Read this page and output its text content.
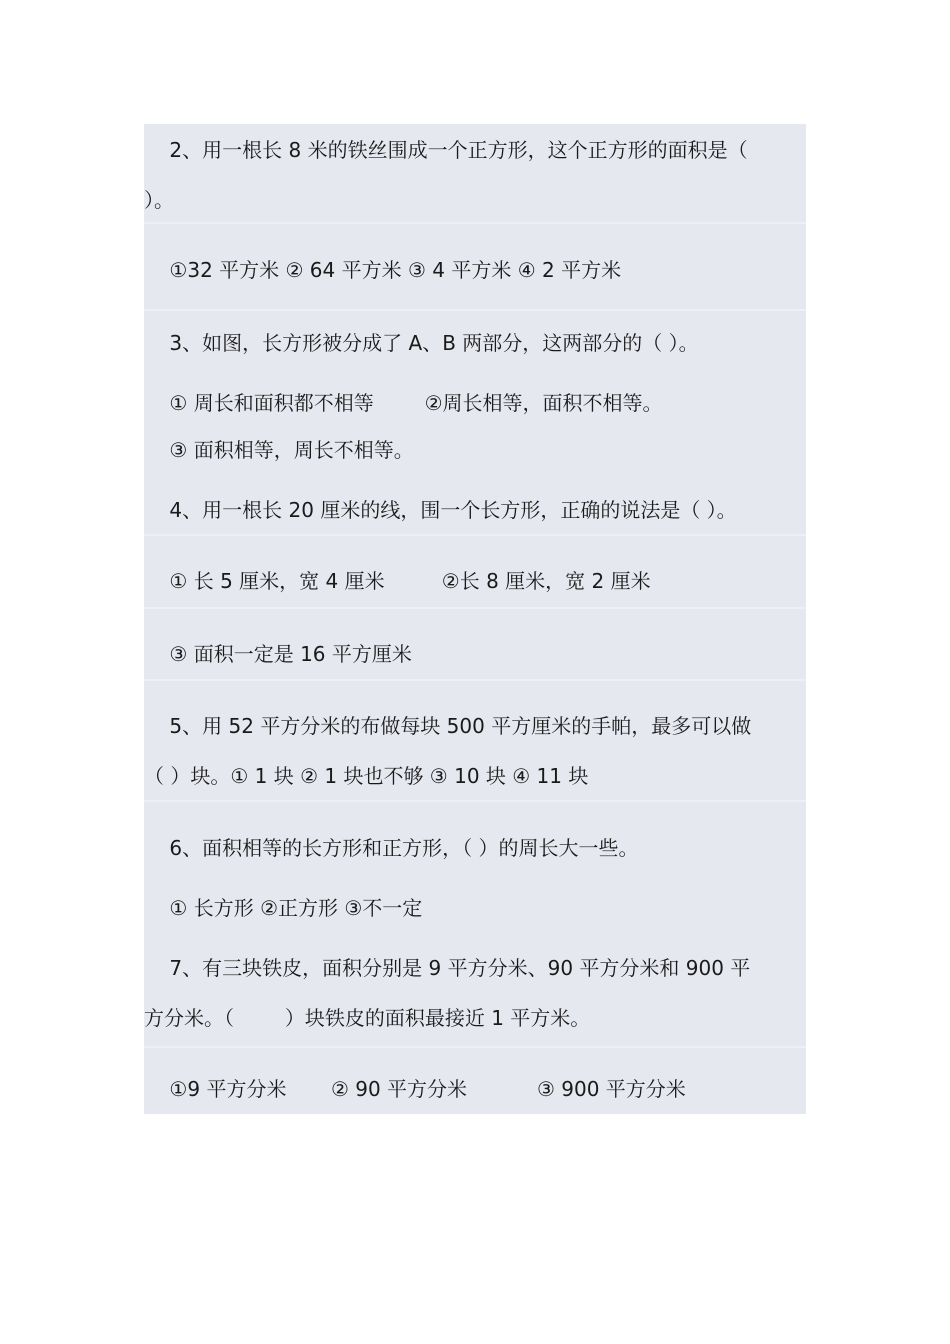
2、用一根长 8 米的铁丝围成一个正方形，这个正方形的面积是（
）。
①32 平方米 ② 64 平方米 ③ 4 平方米 ④ 2 平方米
3、如图，长方形被分成了 A、B 两部分，这两部分的（ ）。
① 周长和面积都不相等        ②周长相等，面积不相等。
③ 面积相等，周长不相等。
4、用一根长 20 厘米的线，围一个长方形，正确的说法是（ ）。
① 长 5 厘米，宽 4 厘米         ②长 8 厘米，宽 2 厘米
③ 面积一定是 16 平方厘米
5、用 52 平方分米的布做每块 500 平方厘米的手帕，最多可以做
（ ）块。① 1 块 ② 1 块也不够 ③ 10 块 ④ 11 块
6、面积相等的长方形和正方形，（ ）的周长大一些。
① 长方形 ②正方形 ③不一定
7、有三块铁皮，面积分别是 9 平方分米、90 平方分米和 900 平
方分米。（        ）块铁皮的面积最接近 1 平方米。
①9 平方分米       ② 90 平方分米           ③ 900 平方分米
